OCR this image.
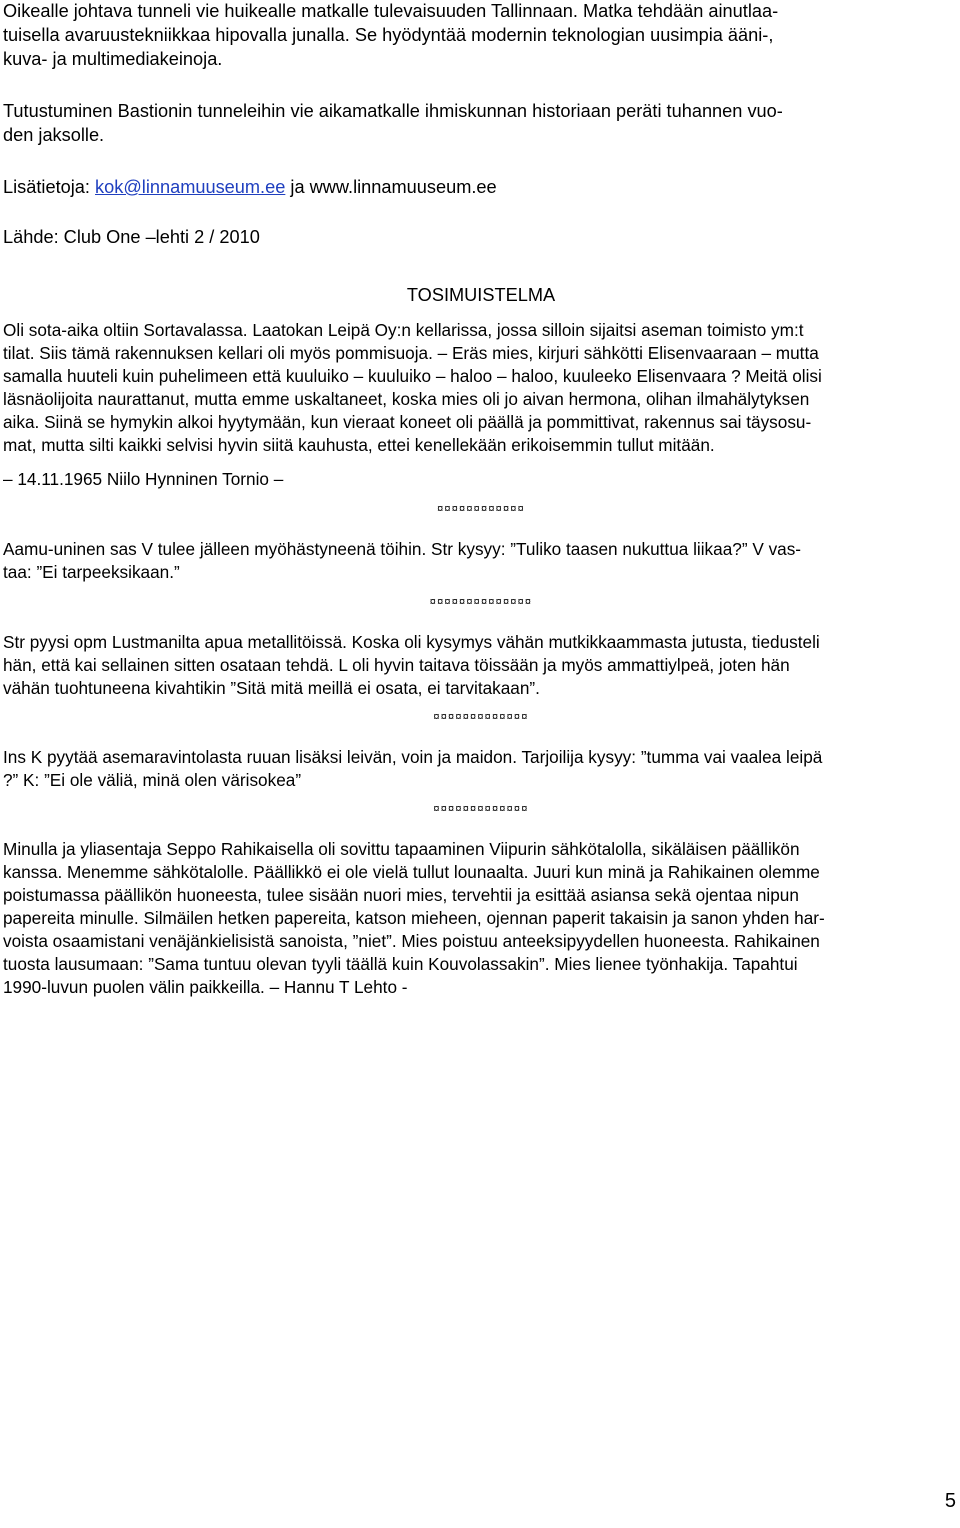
Oikealle johtava tunneli vie huikealle matkalle tulevaisuuden Tallinnaan. Matka tehdään ainutlaa-
tuisella avaruustekniikkaa hipovalla junalla. Se hyödyntää modernin teknologian uusimpia ääni-,
kuva- ja multimediakeinoja.
Tutustuminen Bastionin tunneleihin vie aikamatkalle ihmiskunnan historiaan peräti tuhannen vuo-
den jaksolle.
Lisätietoja: kok@linnamuuseum.ee ja www.linnamuuseum.ee
Lähde: Club One –lehti 2 / 2010
TOSIMUISTELMA
Oli sota-aika oltiin Sortavalassa. Laatokan Leipä Oy:n kellarissa, jossa silloin sijaitsi aseman toimisto ym:t
tilat. Siis tämä rakennuksen kellari oli myös pommisuoja. – Eräs mies, kirjuri sähkötti Elisenvaaraan – mutta
samalla huuteli kuin puhelimeen että kuuluiko – kuuluiko – haloo – haloo, kuuleeko Elisenvaara ? Meitä olisi
läsnäolijoita naurattanut, mutta emme uskaltaneet, koska mies oli jo aivan hermona, olihan ilmahälytyksen
aika. Siinä se hymykin alkoi hyytymään, kun vieraat koneet oli päällä ja pommittivat, rakennus sai täysosu-
mat, mutta silti kaikki selvisi hyvin siitä kauhusta, ettei kenellekään erikoisemmin tullut mitään.
– 14.11.1965 Niilo Hynninen Tornio –
¤¤¤¤¤¤¤¤¤¤¤¤
Aamu-uninen sas V tulee jälleen myöhästyneenä töihin. Str kysyy: ”Tuliko taasen nukuttua liikaa?” V vas-
taa: ”Ei tarpeeksikaan.”
¤¤¤¤¤¤¤¤¤¤¤¤¤¤
Str pyysi opm Lustmanilta apua metallitöissä. Koska oli kysymys vähän mutkikkaammasta jutusta, tiedusteli
hän, että kai sellainen sitten osataan tehdä. L oli hyvin taitava töissään ja myös ammattiylpeä, joten hän
vähän tuohtuneena kivahtikin ”Sitä mitä meillä ei osata, ei tarvitakaan”.
¤¤¤¤¤¤¤¤¤¤¤¤¤
Ins K pyytää asemaravintolasta ruuan lisäksi leivän, voin ja maidon. Tarjoilija kysyy: ”tumma vai vaalea leipä
?” K: ”Ei ole väliä, minä olen värisokea”
¤¤¤¤¤¤¤¤¤¤¤¤¤
Minulla ja yliasentaja Seppo Rahikaisella oli sovittu tapaaminen Viipurin sähkötalolla, sikäläisen päällikön
kanssa. Menemme sähkötalolle. Päällikkö ei ole vielä tullut lounaalta. Juuri kun minä ja Rahikainen olemme
poistumassa päällikön huoneesta, tulee sisään nuori mies, tervehtii ja esittää asiansa sekä ojentaa nipun
papereita minulle. Silmäilen hetken papereita, katson mieheen, ojennan paperit takaisin ja sanon yhden har-
voista osaamistani venäjänkielisistä sanoista, ”niet”. Mies poistuu anteeksipyydellen huoneesta. Rahikainen
tuosta lausumaan: ”Sama tuntuu olevan tyyli täällä kuin Kouvolassakin”. Mies lienee työnhakija. Tapahtui
1990-luvun puolen välin paikkeilla. – Hannu T Lehto -
5
